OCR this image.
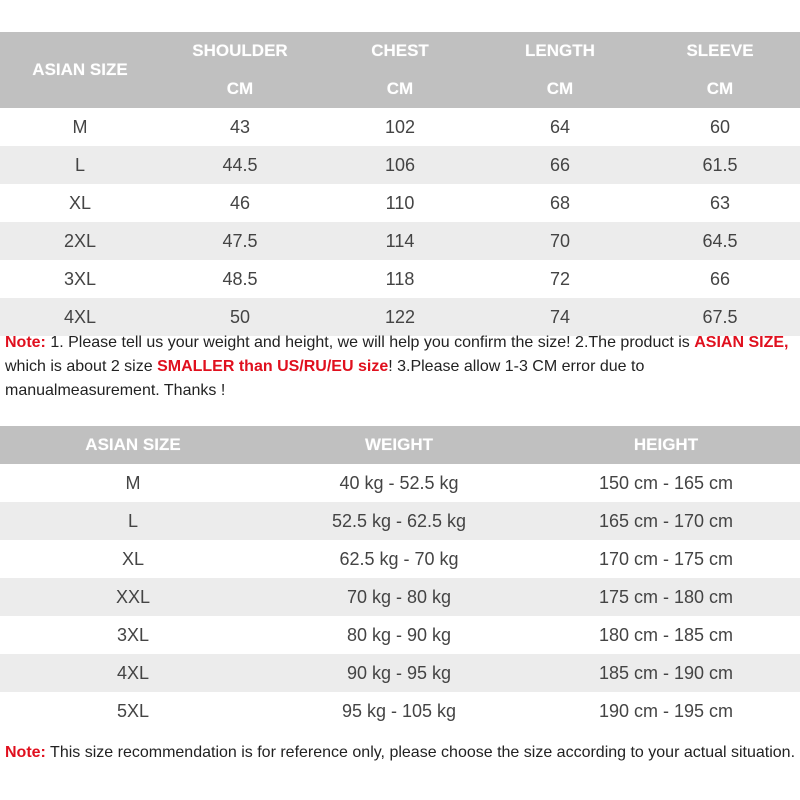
ASIAN SIZE	SHOULDER	CHEST	LENGTH	SLEEVE
	CM	CM	CM	CM
M	43	102	64	60
L	44.5	106	66	61.5
XL	46	110	68	63
2XL	47.5	114	70	64.5
3XL	48.5	118	72	66
4XL	50	122	74	67.5
Note: 1. Please tell us your weight and height, we will help you confirm the size! 2.The product is ASIAN SIZE, which is about 2 size SMALLER than US/RU/EU size! 3.Please allow 1-3 CM error due to manualmeasurement. Thanks !
ASIAN SIZE	WEIGHT	HEIGHT
M	40 kg - 52.5 kg	150 cm - 165 cm
L	52.5 kg - 62.5 kg	165 cm - 170 cm
XL	62.5 kg - 70 kg	170 cm - 175 cm
XXL	70 kg - 80 kg	175 cm - 180 cm
3XL	80 kg - 90 kg	180 cm - 185 cm
4XL	90 kg - 95 kg	185 cm - 190 cm
5XL	95 kg - 105 kg	190 cm - 195 cm
Note: This size recommendation is for reference only, please choose the size according to your actual situation.
